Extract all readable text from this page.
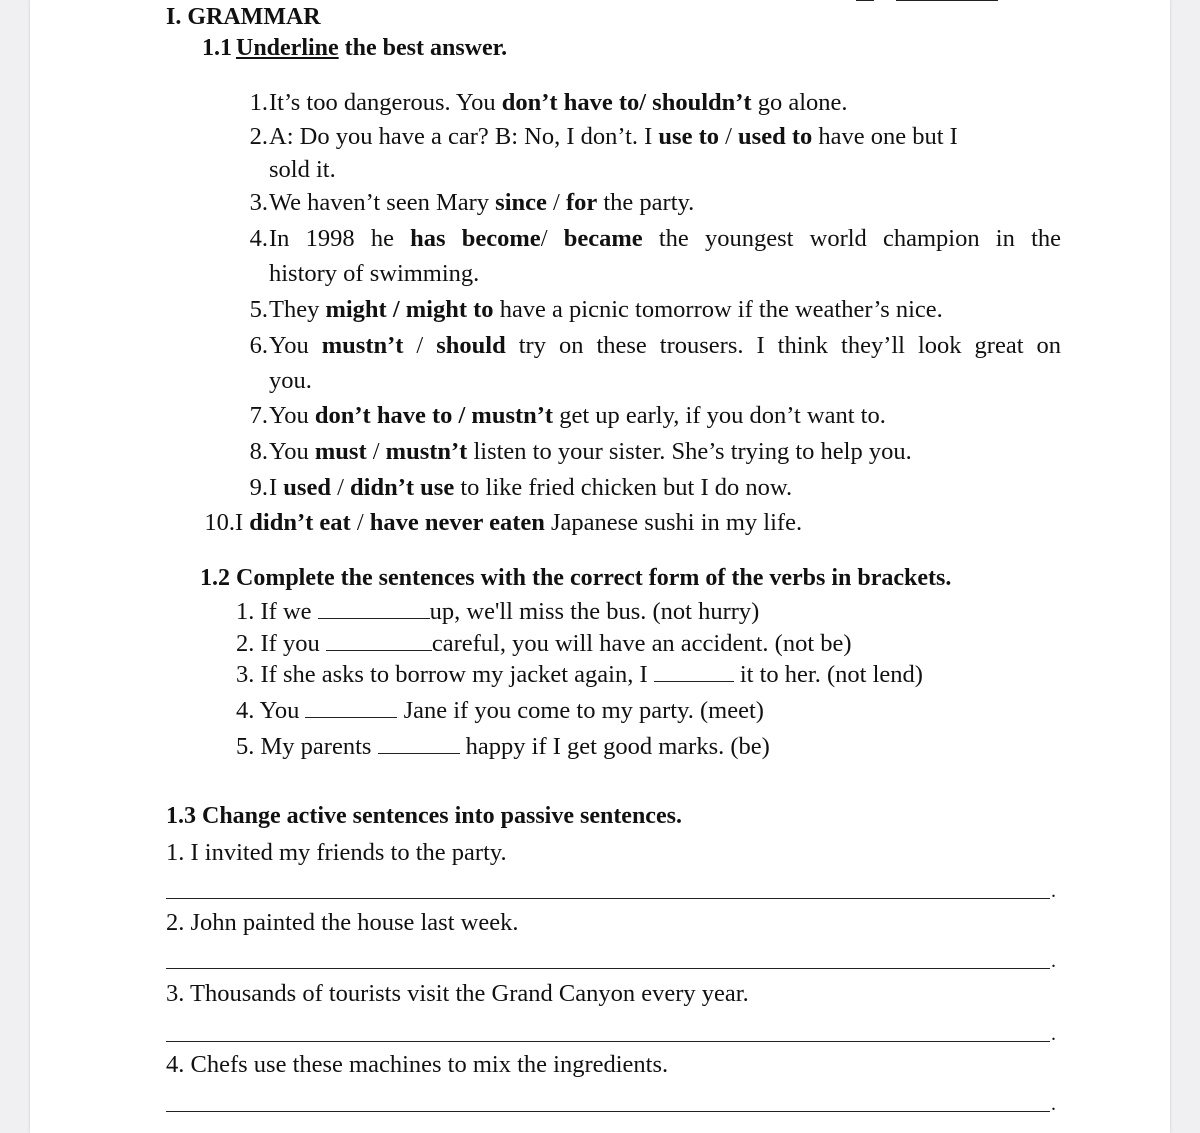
I. GRAMMAR
1.1 Underline the best answer.
1. It’s too dangerous. You don’t have to/ shouldn’t go alone.
2. A: Do you have a car? B: No, I don’t. I use to / used to have one but I
sold it.
3. We haven’t seen Mary since / for the party.
4. In 1998 he has become/ became the youngest world champion in the
history of swimming.
5. They might / might to have a picnic tomorrow if the weather’s nice.
6. You mustn’t / should try on these trousers. I think they’ll look great on
you.
7. You don’t have to / mustn’t get up early, if you don’t want to.
8. You must / mustn’t listen to your sister. She’s trying to help you.
9. I used / didn’t use to like fried chicken but I do now.
10. I didn’t eat / have never eaten Japanese sushi in my life.
1.2 Complete the sentences with the correct form of the verbs in brackets.
1. If we	up, we'll miss the bus. (not hurry)
2. If you	careful, you will have an accident. (not be)
3. If she asks to borrow my jacket again, I	it to her. (not lend)
4. You	Jane if you come to my party. (meet)
5. My parents	happy if I get good marks. (be)
1.3 Change active sentences into passive sentences.
1. I invited my friends to the party.
.
2. John painted the house last week.
.
3. Thousands of tourists visit the Grand Canyon every year.
.
4. Chefs use these machines to mix the ingredients.
.
